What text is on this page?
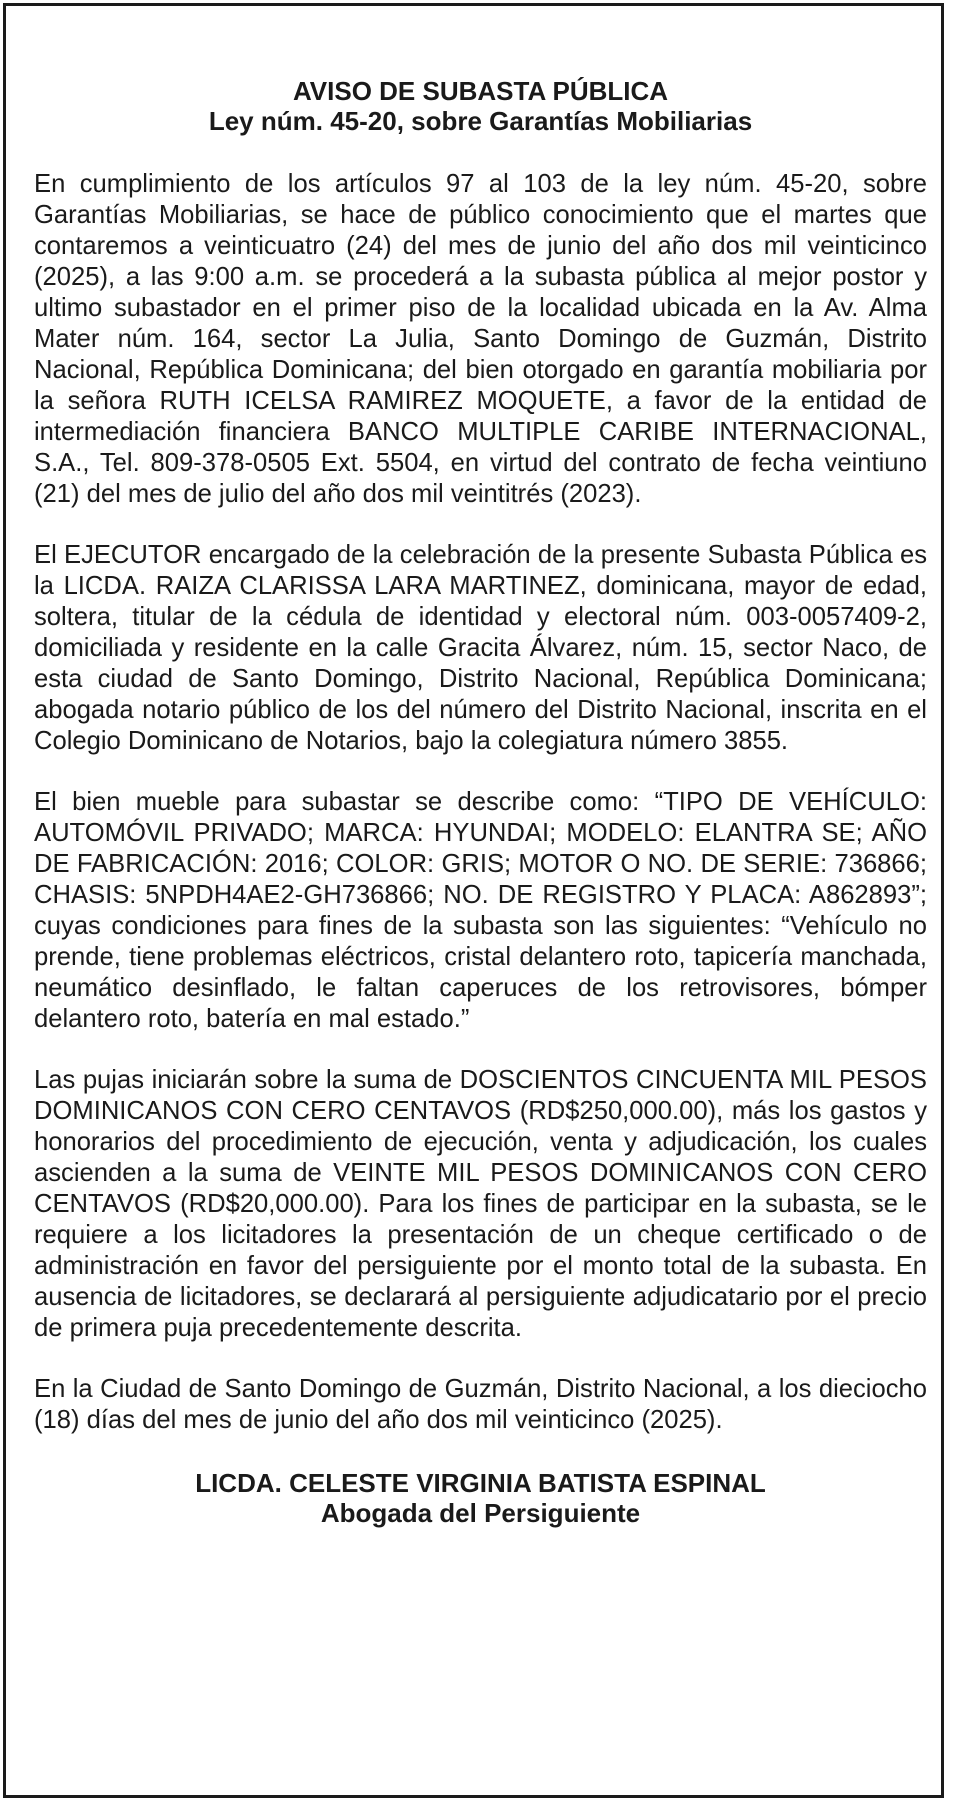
AVISO DE SUBASTA PÚBLICA
Ley núm. 45-20, sobre Garantías Mobiliarias

En cumplimiento de los artículos 97 al 103 de la ley núm. 45-20, sobre Garantías Mobiliarias, se hace de público conocimiento que el martes que contaremos a veinticuatro (24) del mes de junio del año dos mil veinticinco (2025), a las 9:00 a.m. se procederá a la subasta pública al mejor postor y ultimo subastador en el primer piso de la localidad ubicada en la Av. Alma Mater núm. 164, sector La Julia, Santo Domingo de Guzmán, Distrito Nacional, República Dominicana; del bien otorgado en garantía mobiliaria por la señora RUTH ICELSA RAMIREZ MOQUETE, a favor de la entidad de intermediación financiera BANCO MULTIPLE CARIBE INTERNACIONAL, S.A., Tel. 809-378-0505 Ext. 5504, en virtud del contrato de fecha veintiuno (21) del mes de julio del año dos mil veintitrés (2023).

El EJECUTOR encargado de la celebración de la presente Subasta Pública es la LICDA. RAIZA CLARISSA LARA MARTINEZ, dominicana, mayor de edad, soltera, titular de la cédula de identidad y electoral núm. 003-0057409-2, domiciliada y residente en la calle Gracita Álvarez, núm. 15, sector Naco, de esta ciudad de Santo Domingo, Distrito Nacional, República Dominicana; abogada notario público de los del número del Distrito Nacional, inscrita en el Colegio Dominicano de Notarios, bajo la colegiatura número 3855.

El bien mueble para subastar se describe como: “TIPO DE VEHÍCULO: AUTOMÓVIL PRIVADO; MARCA: HYUNDAI; MODELO: ELANTRA SE; AÑO DE FABRICACIÓN: 2016; COLOR: GRIS; MOTOR O NO. DE SERIE: 736866; CHASIS: 5NPDH4AE2-GH736866; NO. DE REGISTRO Y PLACA: A862893”; cuyas condiciones para fines de la subasta son las siguientes: “Vehículo no prende, tiene problemas eléctricos, cristal delantero roto, tapicería manchada, neumático desinflado, le faltan caperuces de los retrovisores, bómper delantero roto, batería en mal estado.”

Las pujas iniciarán sobre la suma de DOSCIENTOS CINCUENTA MIL PESOS DOMINICANOS CON CERO CENTAVOS (RD$250,000.00), más los gastos y honorarios del procedimiento de ejecución, venta y adjudicación, los cuales ascienden a la suma de VEINTE MIL PESOS DOMINICANOS CON CERO CENTAVOS (RD$20,000.00). Para los fines de participar en la subasta, se le requiere a los licitadores la presentación de un cheque certificado o de administración en favor del persiguiente por el monto total de la subasta. En ausencia de licitadores, se declarará al persiguiente adjudicatario por el precio de primera puja precedentemente descrita.

En la Ciudad de Santo Domingo de Guzmán, Distrito Nacional, a los dieciocho (18) días del mes de junio del año dos mil veinticinco (2025).

LICDA. CELESTE VIRGINIA BATISTA ESPINAL
Abogada del Persiguiente
